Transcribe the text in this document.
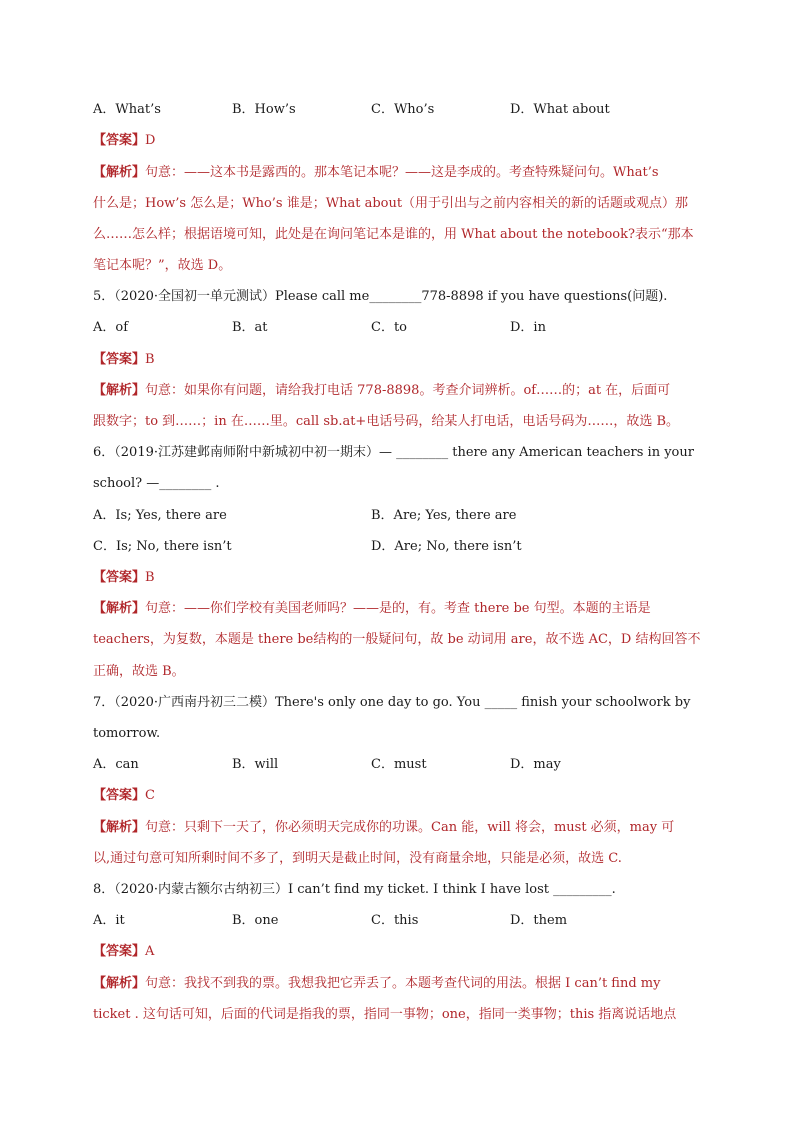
A．What’s	B．How’s	C．Who’s	D．What about
【答案】D
【解析】句意：——这本书是露西的。那本笔记本呢？——这是李成的。考查特殊疑问句。What’s
什么是；How’s 怎么是；Who’s 谁是；What about（用于引出与之前内容相关的新的话题或观点）那
么……怎么样；根据语境可知，此处是在询问笔记本是谁的，用 What about the notebook?表示“那本
笔记本呢？”，故选 D。
5．（2020·全国初一单元测试）Please call me________778-8898 if you have questions(问题).
A．of	B．at	C．to	D．in
【答案】B
【解析】句意：如果你有问题，请给我打电话 778-8898。考查介词辨析。of……的；at 在，后面可
跟数字；to 到……；in 在……里。call sb.at+电话号码，给某人打电话，电话号码为……，故选 B。
6．（2019·江苏建邺南师附中新城初中初一期末）— ________ there any American teachers in your
school? —________ .
A．Is; Yes, there are	B．Are; Yes, there are
C．Is; No, there isn’t	D．Are; No, there isn’t
【答案】B
【解析】句意：——你们学校有美国老师吗？——是的，有。考查 there be 句型。本题的主语是
teachers，为复数，本题是 there be结构的一般疑问句，故 be 动词用 are，故不选 AC，D 结构回答不
正确，故选 B。
7．（2020·广西南丹初三二模）There's only one day to go. You _____ finish your schoolwork by
tomorrow.
A．can	B．will	C．must	D．may
【答案】C
【解析】句意：只剩下一天了，你必须明天完成你的功课。Can 能，will 将会，must 必须，may 可
以,通过句意可知所剩时间不多了，到明天是截止时间，没有商量余地，只能是必须，故选 C.
8．（2020·内蒙古额尔古纳初三）I can’t find my ticket. I think I have lost _________.
A．it	B．one	C．this	D．them
【答案】A
【解析】句意：我找不到我的票。我想我把它弄丢了。本题考查代词的用法。根据 I can’t find my
ticket . 这句话可知，后面的代词是指我的票，指同一事物；one，指同一类事物；this 指离说话地点
